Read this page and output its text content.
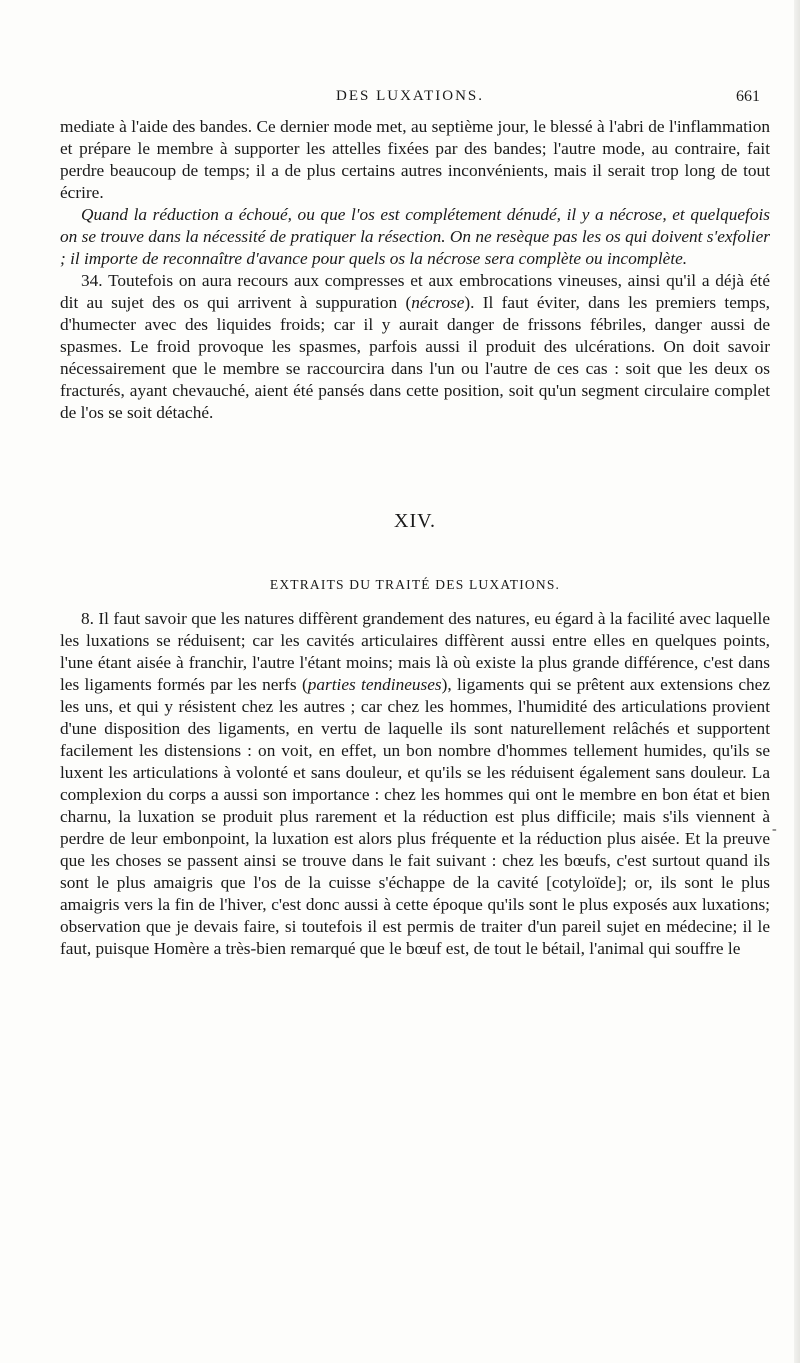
DES LUXATIONS.	661

mediate à l'aide des bandes. Ce dernier mode met, au septième jour, le blessé à l'abri de l'inflammation et prépare le membre à supporter les attelles fixées par des bandes; l'autre mode, au contraire, fait perdre beaucoup de temps; il a de plus certains autres inconvénients, mais il serait trop long de tout écrire.

Quand la réduction a échoué, ou que l'os est complétement dénudé, il y a nécrose, et quelquefois on se trouve dans la nécessité de pratiquer la résection. On ne resèque pas les os qui doivent s'exfolier ; il importe de reconnaître d'avance pour quels os la nécrose sera complète ou incomplète.

34. Toutefois on aura recours aux compresses et aux embrocations vineuses, ainsi qu'il a déjà été dit au sujet des os qui arrivent à suppuration (nécrose). Il faut éviter, dans les premiers temps, d'humecter avec des liquides froids; car il y aurait danger de frissons fébriles, danger aussi de spasmes. Le froid provoque les spasmes, parfois aussi il produit des ulcérations. On doit savoir nécessairement que le membre se raccourcira dans l'un ou l'autre de ces cas : soit que les deux os fracturés, ayant chevauché, aient été pansés dans cette position, soit qu'un segment circulaire complet de l'os se soit détaché.

XIV.
EXTRAITS DU TRAITÉ DES LUXATIONS.

8. Il faut savoir que les natures diffèrent grandement des natures, eu égard à la facilité avec laquelle les luxations se réduisent; car les cavités articulaires diffèrent aussi entre elles en quelques points, l'une étant aisée à franchir, l'autre l'étant moins; mais là où existe la plus grande différence, c'est dans les ligaments formés par les nerfs (parties tendineuses), ligaments qui se prêtent aux extensions chez les uns, et qui y résistent chez les autres ; car chez les hommes, l'humidité des articulations provient d'une disposition des ligaments, en vertu de laquelle ils sont naturellement relâchés et supportent facilement les distensions : on voit, en effet, un bon nombre d'hommes tellement humides, qu'ils se luxent les articulations à volonté et sans douleur, et qu'ils se les réduisent également sans douleur. La complexion du corps a aussi son importance : chez les hommes qui ont le membre en bon état et bien charnu, la luxation se produit plus rarement et la réduction est plus difficile; mais s'ils viennent à perdre de leur embonpoint, la luxation est alors plus fréquente et la réduction plus aisée. Et la preuve que les choses se passent ainsi se trouve dans le fait suivant : chez les bœufs, c'est surtout quand ils sont le plus amaigris que l'os de la cuisse s'échappe de la cavité [cotyloïde]; or, ils sont le plus amaigris vers la fin de l'hiver, c'est donc aussi à cette époque qu'ils sont le plus exposés aux luxations; observation que je devais faire, si toutefois il est permis de traiter d'un pareil sujet en médecine; il le faut, puisque Homère a très-bien remarqué que le bœuf est, de tout le bétail, l'animal qui souffre le

-
